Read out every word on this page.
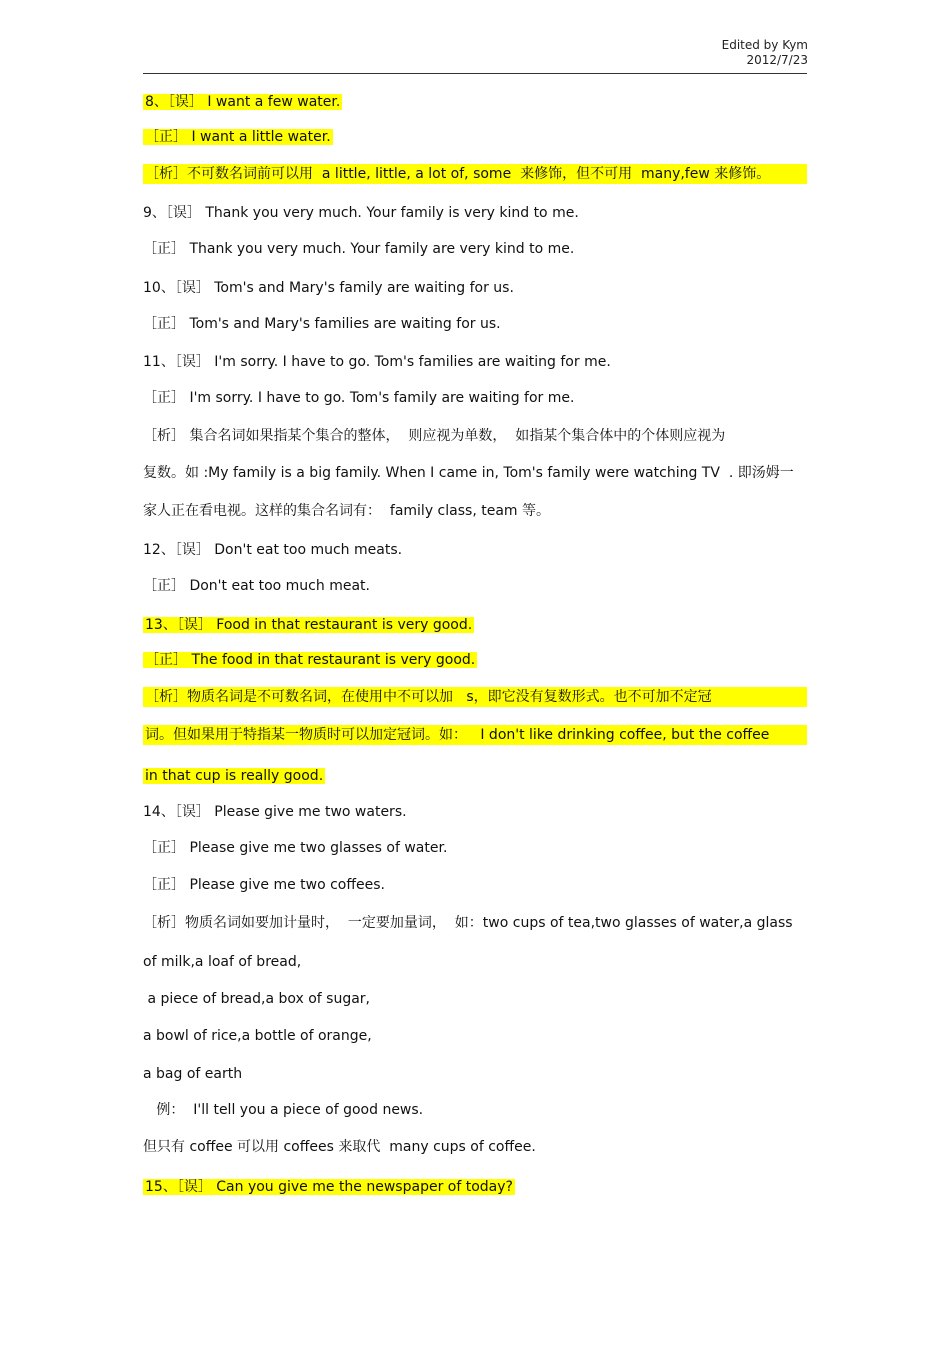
Edited by Kym
2012/7/23
8、［误］ I want a few water.
［正］ I want a little water.
［析］不可数名词前可以用  a little, little, a lot of, some  来修饰，但不可用  many,few 来修饰。
9、［误］ Thank you very much. Your family is very kind to me.
［正］ Thank you very much. Your family are very kind to me.
10、［误］ Tom's and Mary's family are waiting for us.
［正］ Tom's and Mary's families are waiting for us.
11、［误］ I'm sorry. I have to go. Tom's families are waiting for me.
［正］ I'm sorry. I have to go. Tom's family are waiting for me.
［析］ 集合名词如果指某个集合的整体，  则应视为单数，  如指某个集合体中的个体则应视为
复数。如 :My family is a big family. When I came in, Tom's family were watching TV  . 即汤姆一
家人正在看电视。这样的集合名词有：  family class, team 等。
12、［误］ Don't eat too much meats.
［正］ Don't eat too much meat.
13、［误］ Food in that restaurant is very good.
［正］ The food in that restaurant is very good.
［析］物质名词是不可数名词，在使用中不可以加   s，即它没有复数形式。也不可加不定冠
词。但如果用于特指某一物质时可以加定冠词。如：   I don't like drinking coffee, but the coffee
in that cup is really good.
14、［误］ Please give me two waters.
［正］ Please give me two glasses of water.
［正］ Please give me two coffees.
［析］物质名词如要加计量时，  一定要加量词，  如：two cups of tea,two glasses of water,a glass
of milk,a loaf of bread,
a piece of bread,a box of sugar,
a bowl of rice,a bottle of orange,
a bag of earth
例：  I'll tell you a piece of good news.
但只有 coffee 可以用 coffees 来取代  many cups of coffee.
15、［误］ Can you give me the newspaper of today?
